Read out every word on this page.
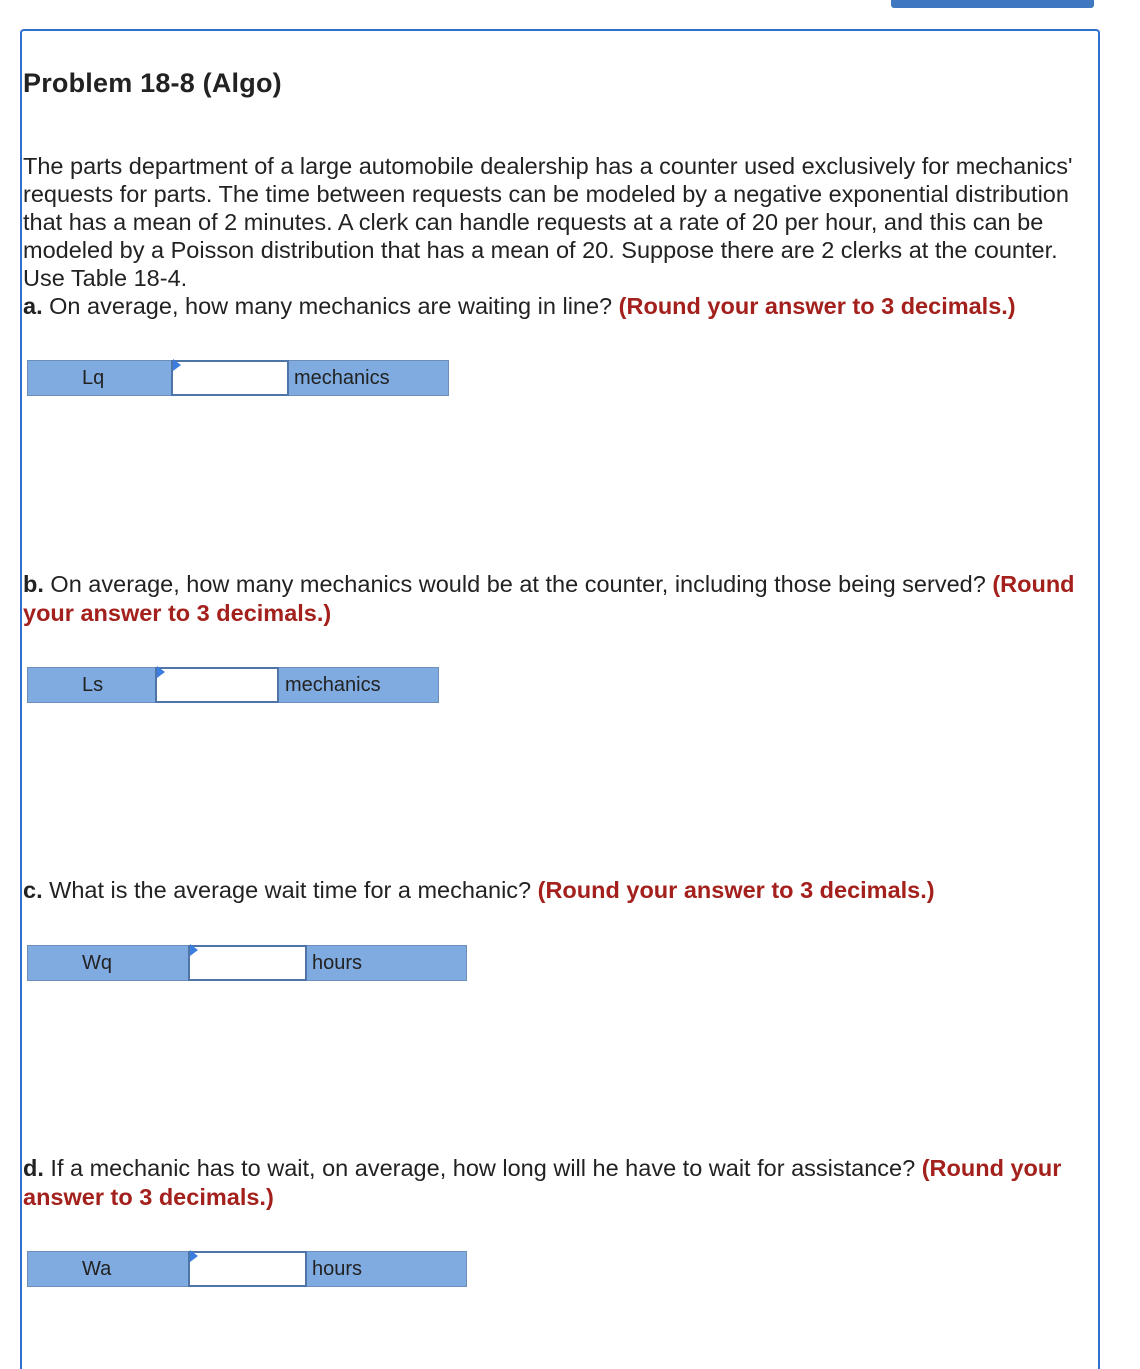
Problem 18-8 (Algo)

The parts department of a large automobile dealership has a counter used exclusively for mechanics' requests for parts. The time between requests can be modeled by a negative exponential distribution that has a mean of 2 minutes. A clerk can handle requests at a rate of 20 per hour, and this can be modeled by a Poisson distribution that has a mean of 20. Suppose there are 2 clerks at the counter. Use Table 18-4.

a. On average, how many mechanics are waiting in line? (Round your answer to 3 decimals.)

Lq	mechanics

b. On average, how many mechanics would be at the counter, including those being served? (Round your answer to 3 decimals.)

Ls	mechanics

c. What is the average wait time for a mechanic? (Round your answer to 3 decimals.)

Wq	hours

d. If a mechanic has to wait, on average, how long will he have to wait for assistance? (Round your answer to 3 decimals.)

Wa	hours
